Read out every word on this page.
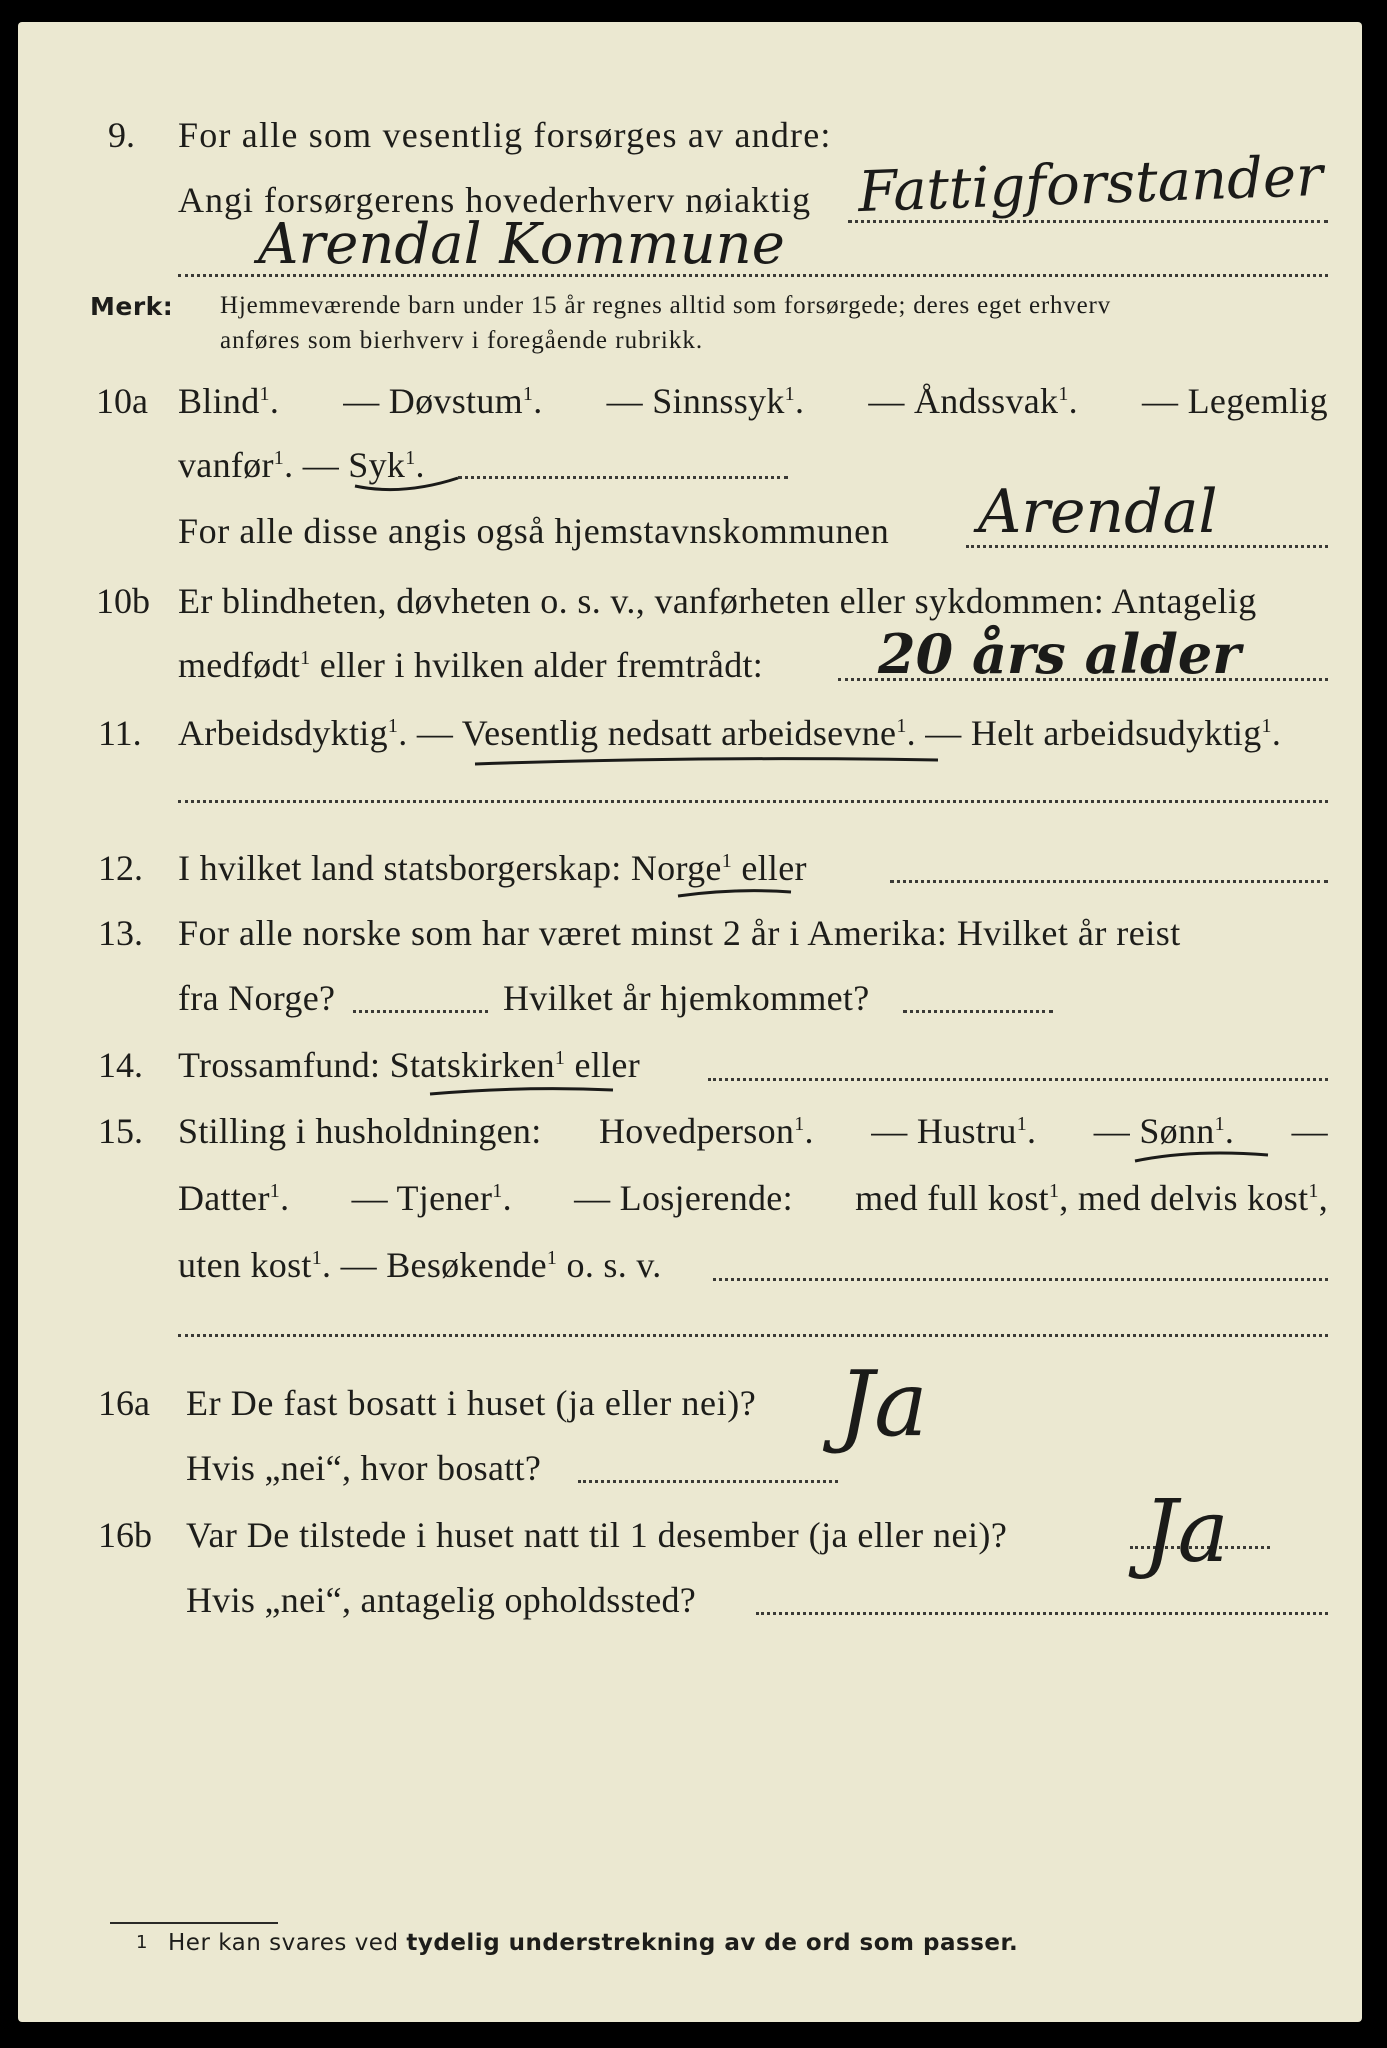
9. For alle som vesentlig forsørges av andre:
Angi forsørgerens hovederhverv nøiaktig Fattigforstander
Arendal Kommune
Merk: Hjemmeværende barn under 15 år regnes alltid som forsørgede; deres eget erhverv
anføres som bierhverv i foregående rubrikk.
10a Blind$^1$. — Døvstum$^1$. — Sinnssyk$^1$. — Åndssvak$^1$. — Legemlig
vanfør$^1$. — Syk$^1$.
For alle disse angis også hjemstavnskommunen Arendal
10b Er blindheten, døvheten o. s. v., vanførheten eller sykdommen: Antagelig
medfødt$^1$ eller i hvilken alder fremtrådt: 20 års alder
11. Arbeidsdyktig$^1$. — Vesentlig nedsatt arbeidsevne$^1$. — Helt arbeidsudyktig$^1$.
12. I hvilket land statsborgerskap: Norge$^1$ eller
13. For alle norske som har været minst 2 år i Amerika: Hvilket år reist
fra Norge?	Hvilket år hjemkommet?
14. Trossamfund: Statskirken$^1$ eller
15. Stilling i husholdningen: Hovedperson$^1$. — Hustru$^1$. — Sønn$^1$. —
Datter$^1$. — Tjener$^1$. — Losjerende: med full kost$^1$, med delvis kost$^1$,
uten kost$^1$. — Besøkende$^1$ o. s. v.
16a Er De fast bosatt i huset (ja eller nei)?
Hvis „nei“, hvor bosatt?
Ja
16b Var De tilstede i huset natt til 1 desember (ja eller nei)? Ja
Hvis „nei“, antagelig opholdssted?
1 Her kan svares ved tydelig understrekning av de ord som passer.
